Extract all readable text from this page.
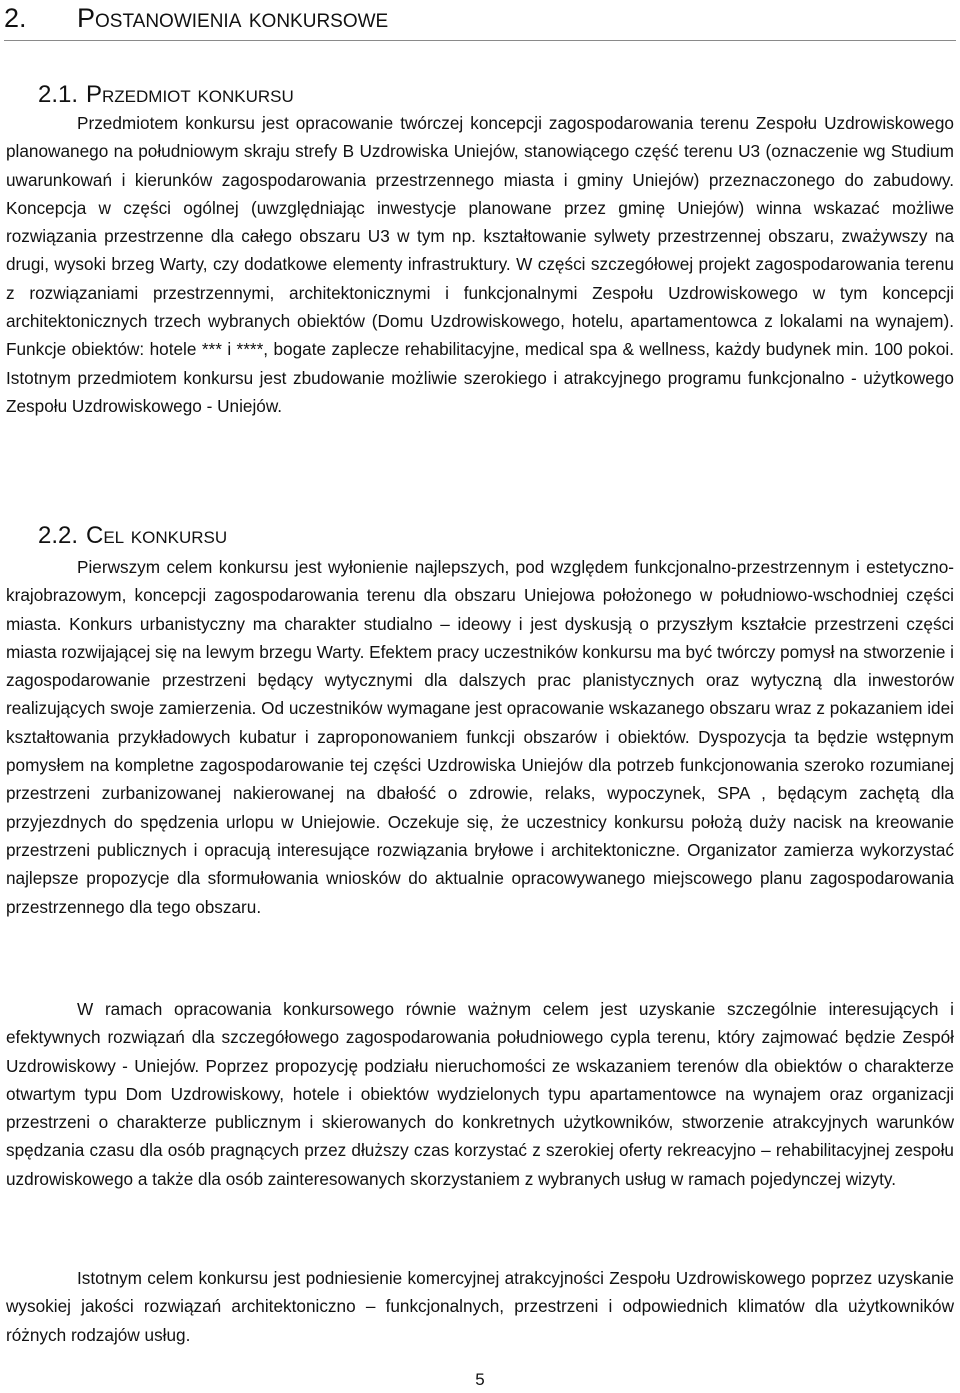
2. Postanowienia konkursowe
2.1. Przedmiot konkursu

Przedmiotem konkursu jest opracowanie twórczej koncepcji zagospodarowania terenu Zespołu Uzdrowiskowego planowanego na południowym skraju strefy B Uzdrowiska Uniejów, stanowiącego część terenu U3 (oznaczenie wg Studium uwarunkowań i kierunków zagospodarowania przestrzennego miasta i gminy Uniejów) przeznaczonego do zabudowy. Koncepcja w części ogólnej (uwzględniając inwestycje planowane przez gminę Uniejów) winna wskazać możliwe rozwiązania przestrzenne dla całego obszaru U3 w tym np. kształtowanie sylwety przestrzennej obszaru, zważywszy na drugi, wysoki brzeg Warty, czy dodatkowe elementy infrastruktury. W części szczegółowej projekt zagospodarowania terenu z rozwiązaniami przestrzennymi, architektonicznymi i funkcjonalnymi Zespołu Uzdrowiskowego w tym koncepcji architektonicznych trzech wybranych obiektów (Domu Uzdrowiskowego, hotelu, apartamentowca z lokalami na wynajem). Funkcje obiektów: hotele *** i ****, bogate zaplecze rehabilitacyjne, medical spa & wellness, każdy budynek min. 100 pokoi. Istotnym przedmiotem konkursu jest zbudowanie możliwie szerokiego i atrakcyjnego programu funkcjonalno - użytkowego Zespołu Uzdrowiskowego - Uniejów.

2.2. Cel konkursu

Pierwszym celem konkursu jest wyłonienie najlepszych, pod względem funkcjonalno-przestrzennym i estetyczno-krajobrazowym, koncepcji zagospodarowania terenu dla obszaru Uniejowa położonego w południowo-wschodniej części miasta. Konkurs urbanistyczny ma charakter studialno – ideowy i jest dyskusją o przyszłym kształcie przestrzeni części miasta rozwijającej się na lewym brzegu Warty. Efektem pracy uczestników konkursu ma być twórczy pomysł na stworzenie i zagospodarowanie przestrzeni będący wytycznymi dla dalszych prac planistycznych oraz wytyczną dla inwestorów realizujących swoje zamierzenia. Od uczestników wymagane jest opracowanie wskazanego obszaru wraz z pokazaniem idei kształtowania przykładowych kubatur i zaproponowaniem funkcji obszarów i obiektów. Dyspozycja ta będzie wstępnym pomysłem na kompletne zagospodarowanie tej części Uzdrowiska Uniejów dla potrzeb funkcjonowania szeroko rozumianej przestrzeni zurbanizowanej nakierowanej na dbałość o zdrowie, relaks, wypoczynek, SPA , będącym zachętą dla przyjezdnych do spędzenia urlopu w Uniejowie. Oczekuje się, że uczestnicy konkursu położą duży nacisk na kreowanie przestrzeni publicznych i opracują interesujące rozwiązania bryłowe i architektoniczne. Organizator zamierza wykorzystać najlepsze propozycje dla sformułowania wniosków do aktualnie opracowywanego miejscowego planu zagospodarowania przestrzennego dla tego obszaru.

W ramach opracowania konkursowego równie ważnym celem jest uzyskanie szczególnie interesujących i efektywnych rozwiązań dla szczegółowego zagospodarowania południowego cypla terenu, który zajmować będzie Zespół Uzdrowiskowy - Uniejów. Poprzez propozycję podziału nieruchomości ze wskazaniem terenów dla obiektów o charakterze otwartym typu Dom Uzdrowiskowy, hotele i obiektów wydzielonych typu apartamentowce na wynajem oraz organizacji przestrzeni o charakterze publicznym i skierowanych do konkretnych użytkowników, stworzenie atrakcyjnych warunków spędzania czasu dla osób pragnących przez dłuższy czas korzystać z szerokiej oferty rekreacyjno – rehabilitacyjnej zespołu uzdrowiskowego a także dla osób zainteresowanych skorzystaniem z wybranych usług w ramach pojedynczej wizyty.

Istotnym celem konkursu jest podniesienie komercyjnej atrakcyjności Zespołu Uzdrowiskowego poprzez uzyskanie wysokiej jakości rozwiązań architektoniczno – funkcjonalnych, przestrzeni i odpowiednich klimatów dla użytkowników różnych rodzajów usług.

5
